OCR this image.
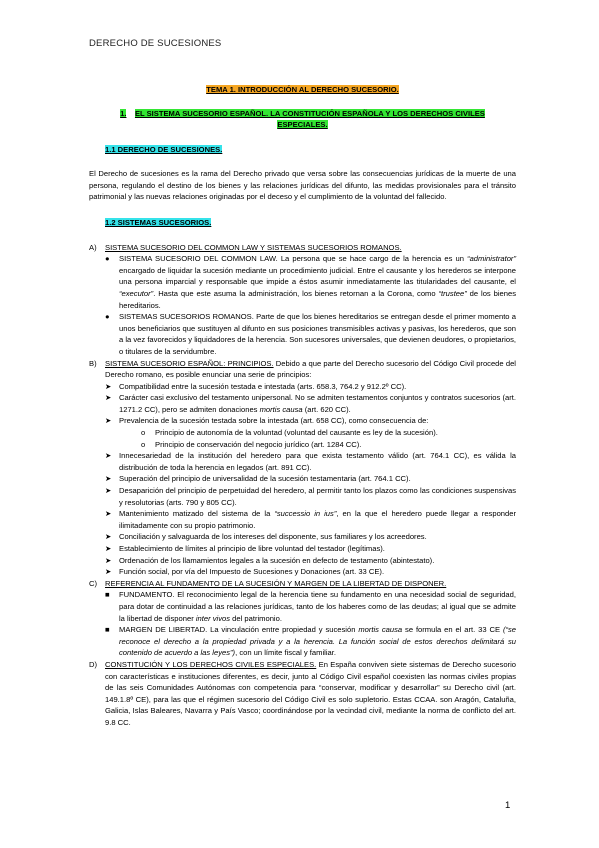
DERECHO DE SUCESIONES
TEMA 1. INTRODUCCIÓN AL DERECHO SUCESORIO.
1. EL SISTEMA SUCESORIO ESPAÑOL. LA CONSTITUCIÓN ESPAÑOLA Y LOS DERECHOS CIVILES ESPECIALES.
1.1 DERECHO DE SUCESIONES.

El Derecho de sucesiones es la rama del Derecho privado que versa sobre las consecuencias jurídicas de la muerte de una persona, regulando el destino de los bienes y las relaciones jurídicas del difunto, las medidas provisionales para el tránsito patrimonial y las nuevas relaciones originadas por el deceso y el cumplimiento de la voluntad del fallecido.

1.2 SISTEMAS SUCESORIOS.
A)	SISTEMA SUCESORIO DEL COMMON LAW Y SISTEMAS SUCESORIOS ROMANOS.
●	SISTEMA SUCESORIO DEL COMMON LAW. La persona que se hace cargo de la herencia es un “administrator” encargado de liquidar la sucesión mediante un procedimiento judicial. Entre el causante y los herederos se interpone una persona imparcial y responsable que impide a éstos asumir inmediatamente las titularidades del causante, el “executor”. Hasta que este asuma la administración, los bienes retornan a la Corona, como “trustee” de los bienes hereditarios.
●	SISTEMAS SUCESORIOS ROMANOS. Parte de que los bienes hereditarios se entregan desde el primer momento a unos beneficiarios que sustituyen al difunto en sus posiciones transmisibles activas y pasivas, los herederos, que son a la vez favorecidos y liquidadores de la herencia. Son sucesores universales, que devienen deudores, o propietarios, o titulares de la servidumbre.
B)	SISTEMA SUCESORIO ESPAÑOL: PRINCIPIOS. Debido a que parte del Derecho sucesorio del Código Civil procede del Derecho romano, es posible enunciar una serie de principios:
➤	Compatibilidad entre la sucesión testada e intestada (arts. 658.3, 764.2 y 912.2º CC).
➤	Carácter casi exclusivo del testamento unipersonal. No se admiten testamentos conjuntos y contratos sucesorios (art. 1271.2 CC), pero se admiten donaciones mortis causa (art. 620 CC).
➤	Prevalencia de la sucesión testada sobre la intestada (art. 658 CC), como consecuencia de:
o	Principio de autonomía de la voluntad (voluntad del causante es ley de la sucesión).
o	Principio de conservación del negocio jurídico (art. 1284 CC).
➤	Innecesariedad de la institución del heredero para que exista testamento válido (art. 764.1 CC), es válida la distribución de toda la herencia en legados (art. 891 CC).
➤	Superación del principio de universalidad de la sucesión testamentaria (art. 764.1 CC).
➤	Desaparición del principio de perpetuidad del heredero, al permitir tanto los plazos como las condiciones suspensivas y resolutorias (arts. 790 y 805 CC).
➤	Mantenimiento matizado del sistema de la “successio in ius”, en la que el heredero puede llegar a responder ilimitadamente con su propio patrimonio.
➤	Conciliación y salvaguarda de los intereses del disponente, sus familiares y los acreedores.
➤	Establecimiento de límites al principio de libre voluntad del testador (legítimas).
➤	Ordenación de los llamamientos legales a la sucesión en defecto de testamento (abintestato).
➤	Función social, por vía del Impuesto de Sucesiones y Donaciones (art. 33 CE).
C)	REFERENCIA AL FUNDAMENTO DE LA SUCESIÓN Y MARGEN DE LA LIBERTAD DE DISPONER.
■	FUNDAMENTO. El reconocimiento legal de la herencia tiene su fundamento en una necesidad social de seguridad, para dotar de continuidad a las relaciones jurídicas, tanto de los haberes como de las deudas; al igual que se admite la libertad de disponer inter vivos del patrimonio.
■	MARGEN DE LIBERTAD. La vinculación entre propiedad y sucesión mortis causa se formula en el art. 33 CE (“se reconoce el derecho a la propiedad privada y a la herencia. La función social de estos derechos delimitará su contenido de acuerdo a las leyes”), con un límite fiscal y familiar.
D)	CONSTITUCIÓN Y LOS DERECHOS CIVILES ESPECIALES. En España conviven siete sistemas de Derecho sucesorio con características e instituciones diferentes, es decir, junto al Código Civil español coexisten las normas civiles propias de las seis Comunidades Autónomas con competencia para “conservar, modificar y desarrollar” su Derecho civil (art. 149.1.8º CE), para las que el régimen sucesorio del Código Civil es solo supletorio. Estas CCAA. son Aragón, Cataluña, Galicia, Islas Baleares, Navarra y País Vasco; coordinándose por la vecindad civil, mediante la norma de conflicto del art. 9.8 CC.
1
